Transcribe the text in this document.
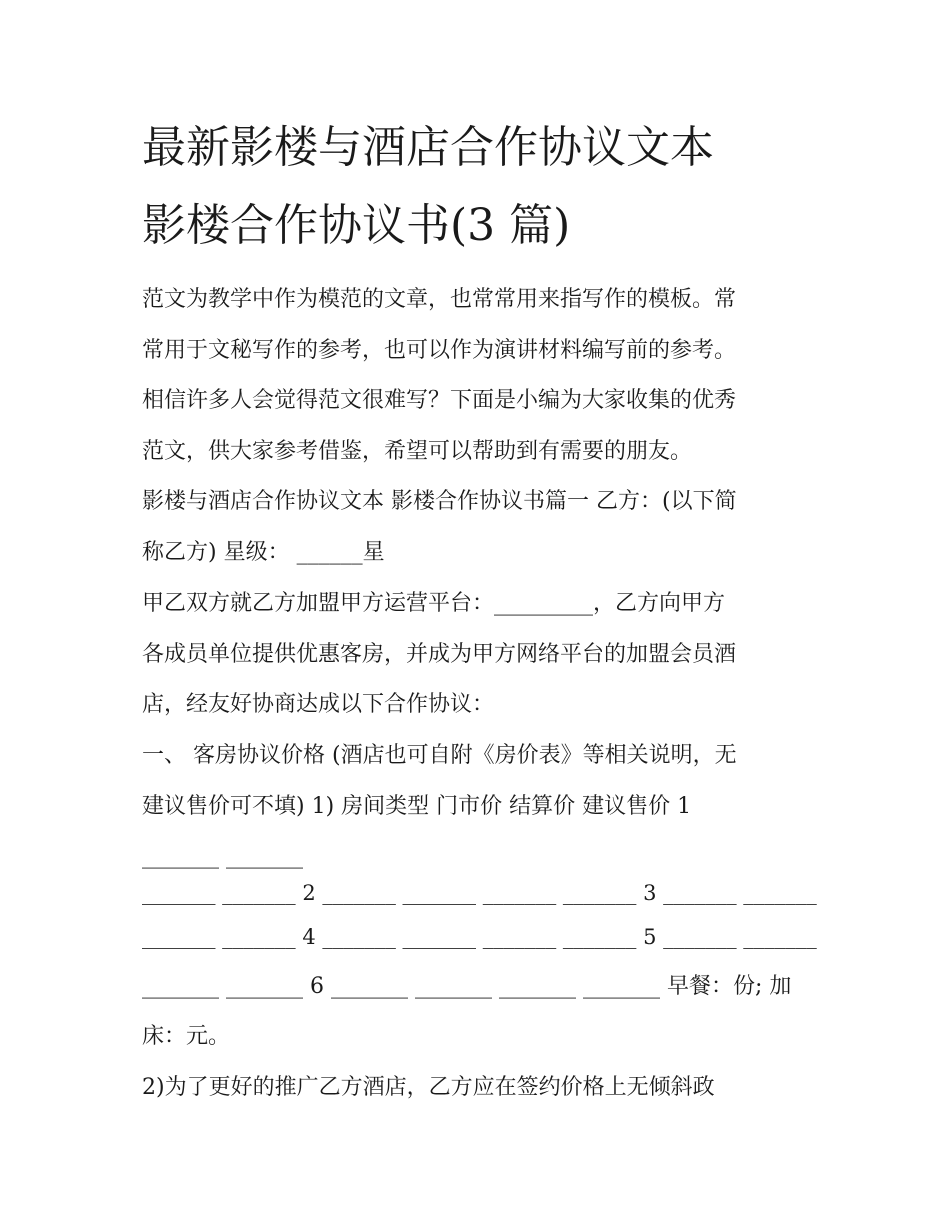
最新影楼与酒店合作协议文本
影楼合作协议书(3 篇)

范文为教学中作为模范的文章，也常常用来指写作的模板。常

常用于文秘写作的参考，也可以作为演讲材料编写前的参考。

相信许多人会觉得范文很难写？下面是小编为大家收集的优秀

范文，供大家参考借鉴，希望可以帮助到有需要的朋友。

影楼与酒店合作协议文本 影楼合作协议书篇一 乙方：(以下简

称乙方) 星级： ______星

甲乙双方就乙方加盟甲方运营平台：_________，乙方向甲方

各成员单位提供优惠客房，并成为甲方网络平台的加盟会员酒

店，经友好协商达成以下合作协议：

一、 客房协议价格 (酒店也可自附《房价表》等相关说明，无

建议售价可不填) 1) 房间类型 门市价 结算价 建议售价 1

_______ _______

_______ _______ 2 _______ _______ _______ _______ 3 _______ _______

_______ _______ 4 _______ _______ _______ _______ 5 _______ _______

_______ _______ 6 _______ _______ _______ _______ 早餐：份; 加

床：元。

2)为了更好的推广乙方酒店，乙方应在签约价格上无倾斜政
